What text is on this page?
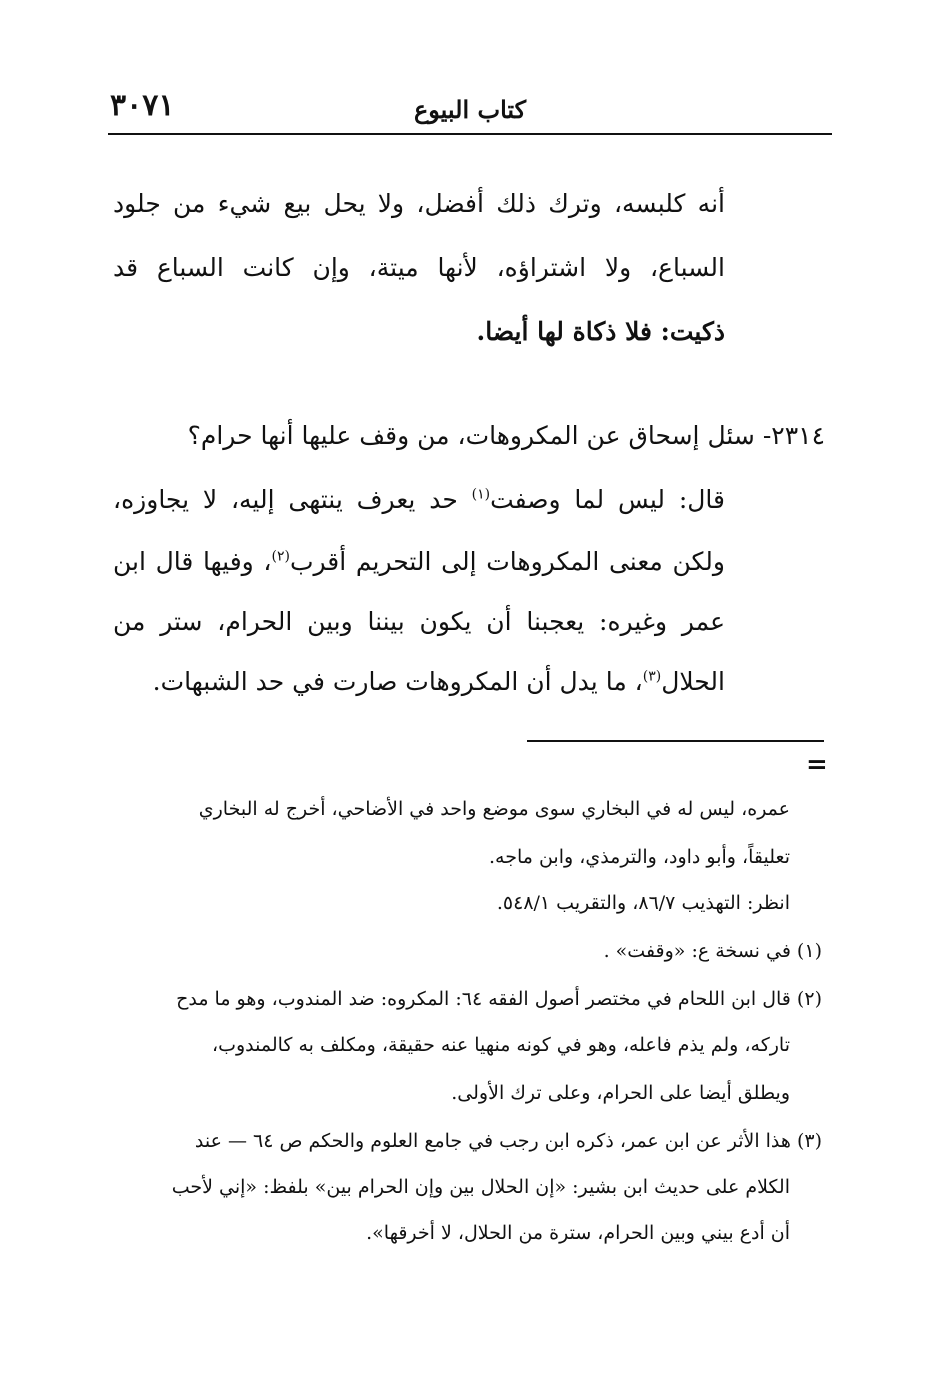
٣٠٧١	كتاب البيوع
أنه كلبسه، وترك ذلك أفضل، ولا يحل بيع شيء من جلود
السباع، ولا اشتراؤه، لأنها ميتة، وإن كانت السباع قد
ذكيت: فلا ذكاة لها أيضا.
٢٣١٤- سئل إسحاق عن المكروهات، من وقف عليها أنها حرام؟
قال: ليس لما وصفت$^{(١)}$ حد يعرف ينتهى إليه، لا يجاوزه،
ولكن معنى المكروهات إلى التحريم أقرب$^{(٢)}$، وفيها قال ابن
عمر وغيره: يعجبنا أن يكون بيننا وبين الحرام، ستر من
الحلال$^{(٣)}$، ما يدل أن المكروهات صارت في حد الشبهات.
=
عمره، ليس له في البخاري سوى موضع واحد في الأضاحي، أخرج له البخاري
تعليقاً، وأبو داود، والترمذي، وابن ماجه.
انظر: التهذيب ٨٦/٧، والتقريب ٥٤٨/١.
(١) في نسخة ع: «وقفت» .
(٢) قال ابن اللحام في مختصر أصول الفقه ٦٤: المكروه: ضد المندوب، وهو ما مدح
تاركه، ولم يذم فاعله، وهو في كونه منهيا عنه حقيقة، ومكلف به كالمندوب،
ويطلق أيضا على الحرام، وعلى ترك الأولى.
(٣) هذا الأثر عن ابن عمر، ذكره ابن رجب في جامع العلوم والحكم ص ٦٤ — عند
الكلام على حديث ابن بشير: «إن الحلال بين وإن الحرام بين» بلفظ: «إني لأحب
أن أدع بيني وبين الحرام، سترة من الحلال، لا أخرقها».
